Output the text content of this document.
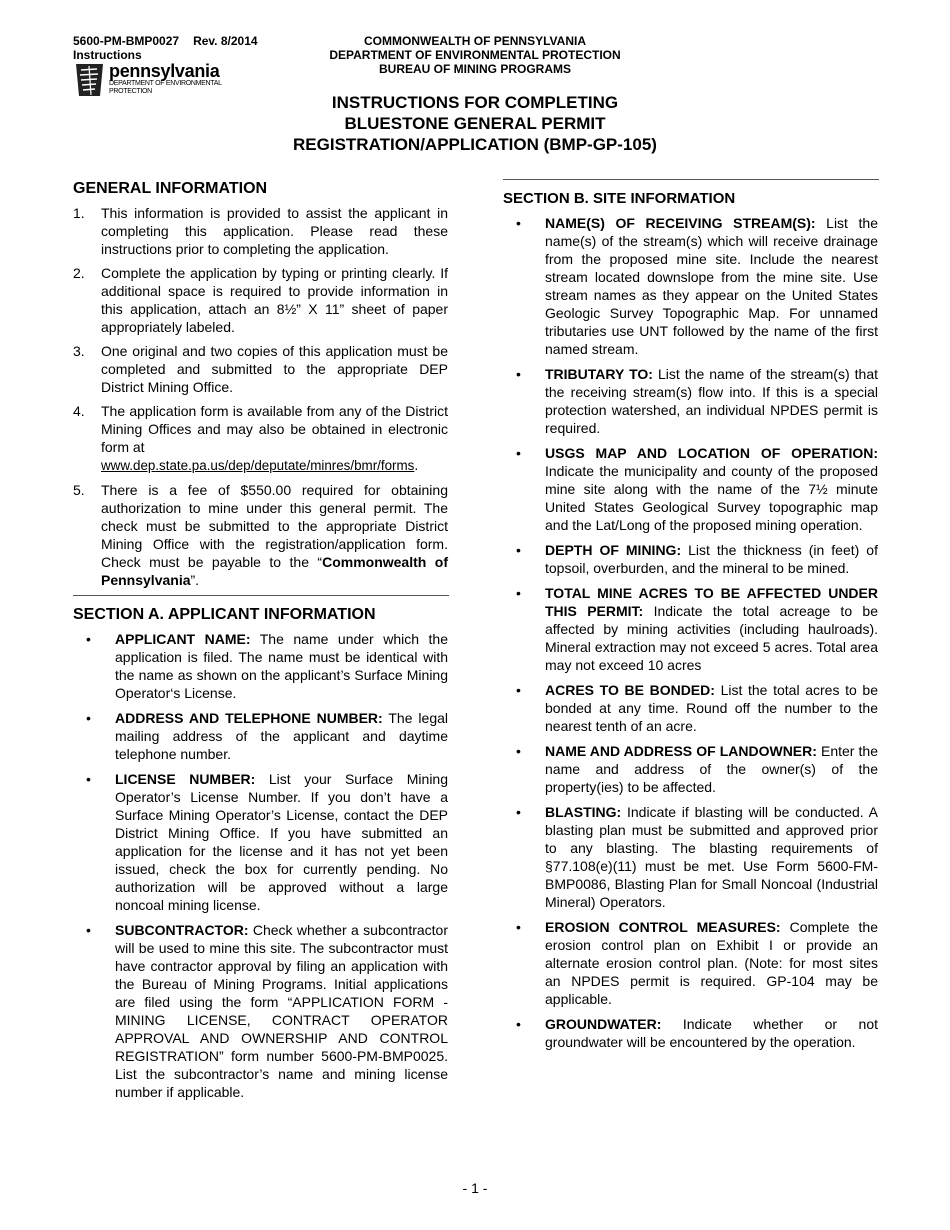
5600-PM-BMP0027 Rev. 8/2014
Instructions
pennsylvania
DEPARTMENT OF ENVIRONMENTAL PROTECTION
COMMONWEALTH OF PENNSYLVANIA
DEPARTMENT OF ENVIRONMENTAL PROTECTION
BUREAU OF MINING PROGRAMS
INSTRUCTIONS FOR COMPLETING
BLUESTONE GENERAL PERMIT
REGISTRATION/APPLICATION (BMP-GP-105)
GENERAL INFORMATION
1. This information is provided to assist the applicant in completing this application. Please read these instructions prior to completing the application.
2. Complete the application by typing or printing clearly. If additional space is required to provide information in this application, attach an 8½” X 11” sheet of paper appropriately labeled.
3. One original and two copies of this application must be completed and submitted to the appropriate DEP District Mining Office.
4. The application form is available from any of the District Mining Offices and may also be obtained in electronic form at
www.dep.state.pa.us/dep/deputate/minres/bmr/forms.
5. There is a fee of $550.00 required for obtaining authorization to mine under this general permit. The check must be submitted to the appropriate District Mining Office with the registration/application form. Check must be payable to the “Commonwealth of Pennsylvania”.
SECTION A. APPLICANT INFORMATION
• APPLICANT NAME: The name under which the application is filed. The name must be identical with the name as shown on the applicant’s Surface Mining Operator‘s License.
• ADDRESS AND TELEPHONE NUMBER: The legal mailing address of the applicant and daytime telephone number.
• LICENSE NUMBER: List your Surface Mining Operator’s License Number. If you don’t have a Surface Mining Operator’s License, contact the DEP District Mining Office. If you have submitted an application for the license and it has not yet been issued, check the box for currently pending. No authorization will be approved without a large noncoal mining license.
• SUBCONTRACTOR: Check whether a subcontractor will be used to mine this site. The subcontractor must have contractor approval by filing an application with the Bureau of Mining Programs. Initial applications are filed using the form “APPLICATION FORM - MINING LICENSE, CONTRACT OPERATOR APPROVAL AND OWNERSHIP AND CONTROL REGISTRATION” form number 5600-PM-BMP0025. List the subcontractor’s name and mining license number if applicable.
SECTION B. SITE INFORMATION
• NAME(S) OF RECEIVING STREAM(S): List the name(s) of the stream(s) which will receive drainage from the proposed mine site. Include the nearest stream located downslope from the mine site. Use stream names as they appear on the United States Geologic Survey Topographic Map. For unnamed tributaries use UNT followed by the name of the first named stream.
• TRIBUTARY TO: List the name of the stream(s) that the receiving stream(s) flow into. If this is a special protection watershed, an individual NPDES permit is required.
• USGS MAP AND LOCATION OF OPERATION: Indicate the municipality and county of the proposed mine site along with the name of the 7½ minute United States Geological Survey topographic map and the Lat/Long of the proposed mining operation.
• DEPTH OF MINING: List the thickness (in feet) of topsoil, overburden, and the mineral to be mined.
• TOTAL MINE ACRES TO BE AFFECTED UNDER THIS PERMIT: Indicate the total acreage to be affected by mining activities (including haulroads). Mineral extraction may not exceed 5 acres. Total area may not exceed 10 acres
• ACRES TO BE BONDED: List the total acres to be bonded at any time. Round off the number to the nearest tenth of an acre.
• NAME AND ADDRESS OF LANDOWNER: Enter the name and address of the owner(s) of the property(ies) to be affected.
• BLASTING: Indicate if blasting will be conducted. A blasting plan must be submitted and approved prior to any blasting. The blasting requirements of §77.108(e)(11) must be met. Use Form 5600-FM-BMP0086, Blasting Plan for Small Noncoal (Industrial Mineral) Operators.
• EROSION CONTROL MEASURES: Complete the erosion control plan on Exhibit I or provide an alternate erosion control plan. (Note: for most sites an NPDES permit is required. GP-104 may be applicable.
• GROUNDWATER: Indicate whether or not groundwater will be encountered by the operation.
- 1 -
